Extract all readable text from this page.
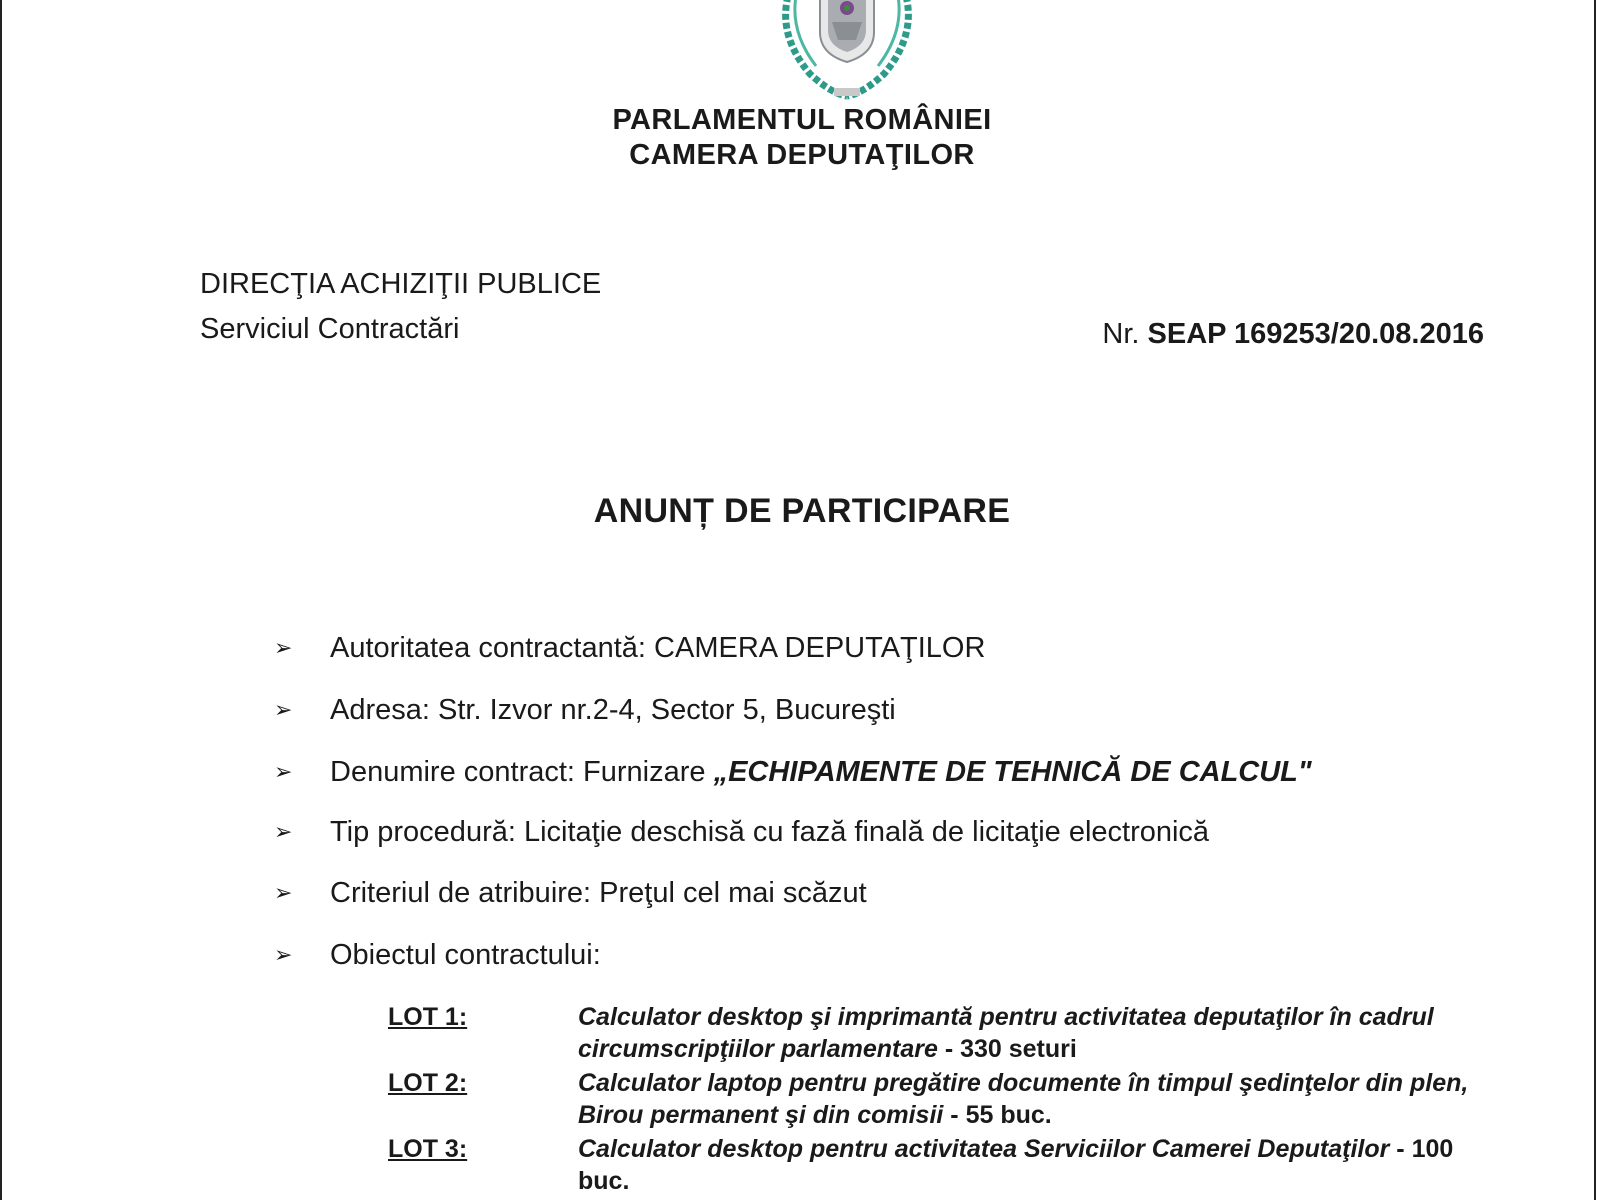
PARLAMENTUL ROMÂNIEI
CAMERA DEPUTAŢILOR
DIRECŢIA ACHIZIŢII PUBLICE
Serviciul Contractări	Nr. SEAP 169253/20.08.2016
ANUNȚ DE PARTICIPARE
➢ Autoritatea contractantă: CAMERA DEPUTAŢILOR
➢ Adresa: Str. Izvor nr.2-4, Sector 5, Bucureşti
➢ Denumire contract: Furnizare „ECHIPAMENTE DE TEHNICĂ DE CALCUL"
➢ Tip procedură: Licitaţie deschisă cu fază finală de licitaţie electronică
➢ Criteriul de atribuire: Preţul cel mai scăzut
➢ Obiectul contractului:
LOT 1:	Calculator desktop şi imprimantă pentru activitatea deputaţilor în cadrul circumscripţiilor parlamentare - 330 seturi
LOT 2:	Calculator laptop pentru pregătire documente în timpul şedinţelor din plen, Birou permanent şi din comisii - 55 buc.
LOT 3:	Calculator desktop pentru activitatea Serviciilor Camerei Deputaţilor - 100 buc.
